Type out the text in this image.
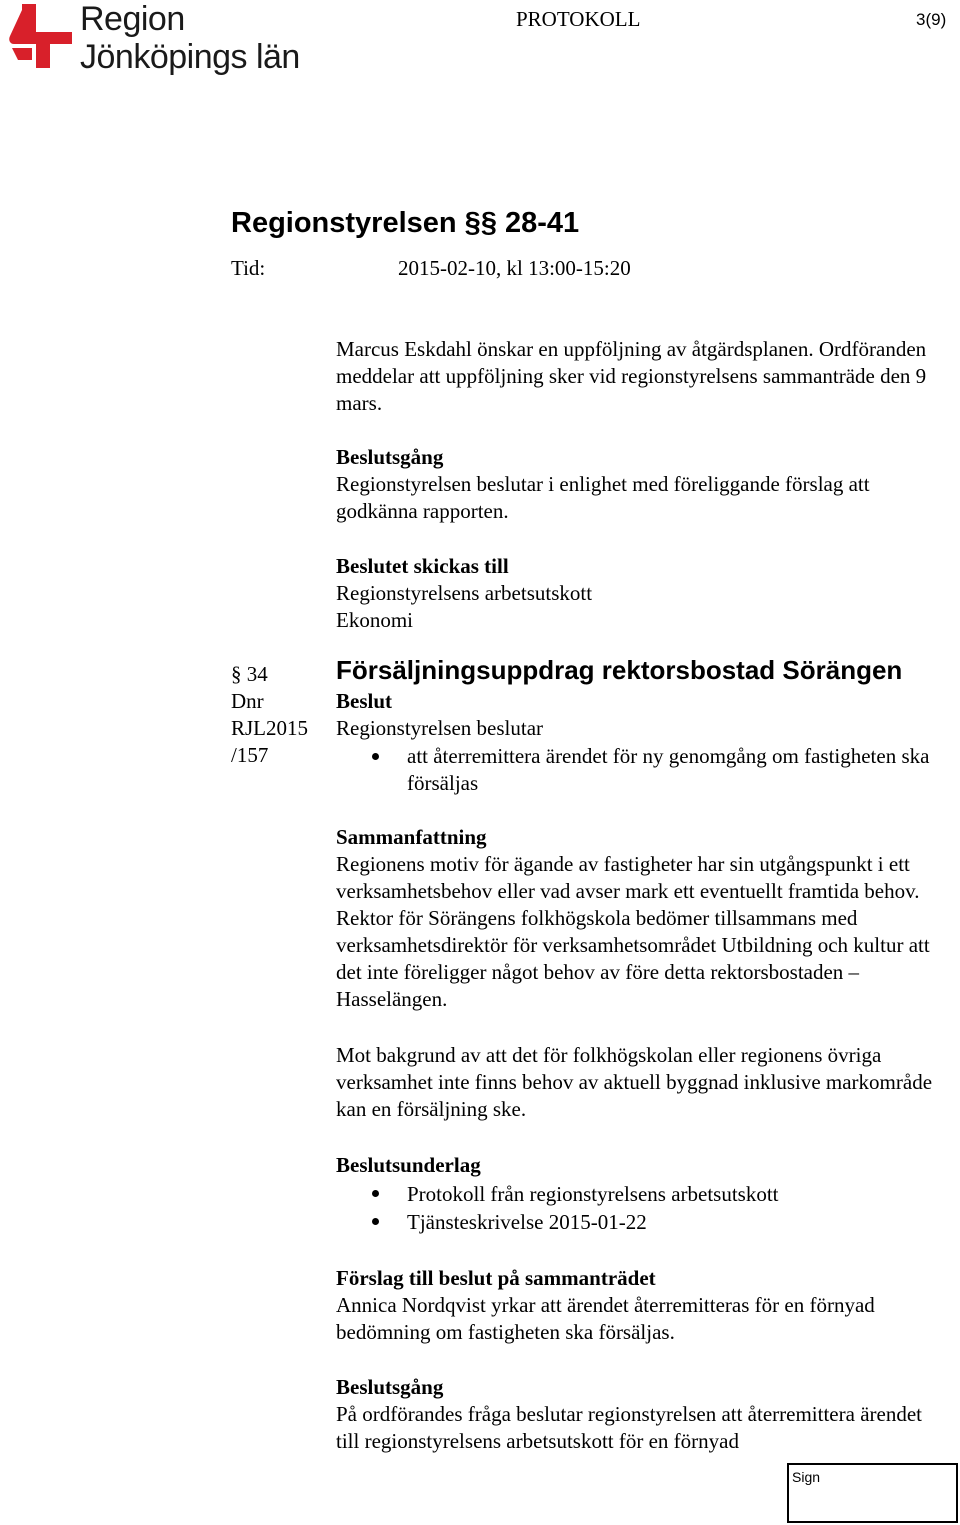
Region
Jönköpings län
PROTOKOLL	3(9)
Regionstyrelsen §§ 28-41
Tid:	2015-02-10, kl 13:00-15:20
Marcus Eskdahl önskar en uppföljning av åtgärdsplanen. Ordföranden meddelar att uppföljning sker vid regionstyrelsens sammanträde den 9 mars.
Beslutsgång
Regionstyrelsen beslutar i enlighet med föreliggande förslag att godkänna rapporten.
Beslutet skickas till
Regionstyrelsens arbetsutskott
Ekonomi
§ 34
Dnr
RJL2015
/157
Försäljningsuppdrag rektorsbostad Sörängen
Beslut
Regionstyrelsen beslutar
att återremittera ärendet för ny genomgång om fastigheten ska försäljas
Sammanfattning
Regionens motiv för ägande av fastigheter har sin utgångspunkt i ett verksamhetsbehov eller vad avser mark ett eventuellt framtida behov. Rektor för Sörängens folkhögskola bedömer tillsammans med verksamhetsdirektör för verksamhetsområdet Utbildning och kultur att det inte föreligger något behov av före detta rektorsbostaden – Hasselängen.
Mot bakgrund av att det för folkhögskolan eller regionens övriga verksamhet inte finns behov av aktuell byggnad inklusive markområde kan en försäljning ske.
Beslutsunderlag
Protokoll från regionstyrelsens arbetsutskott
Tjänsteskrivelse 2015-01-22
Förslag till beslut på sammanträdet
Annica Nordqvist yrkar att ärendet återremitteras för en förnyad bedömning om fastigheten ska försäljas.
Beslutsgång
På ordförandes fråga beslutar regionstyrelsen att återremittera ärendet till regionstyrelsens arbetsutskott för en förnyad
Sign
